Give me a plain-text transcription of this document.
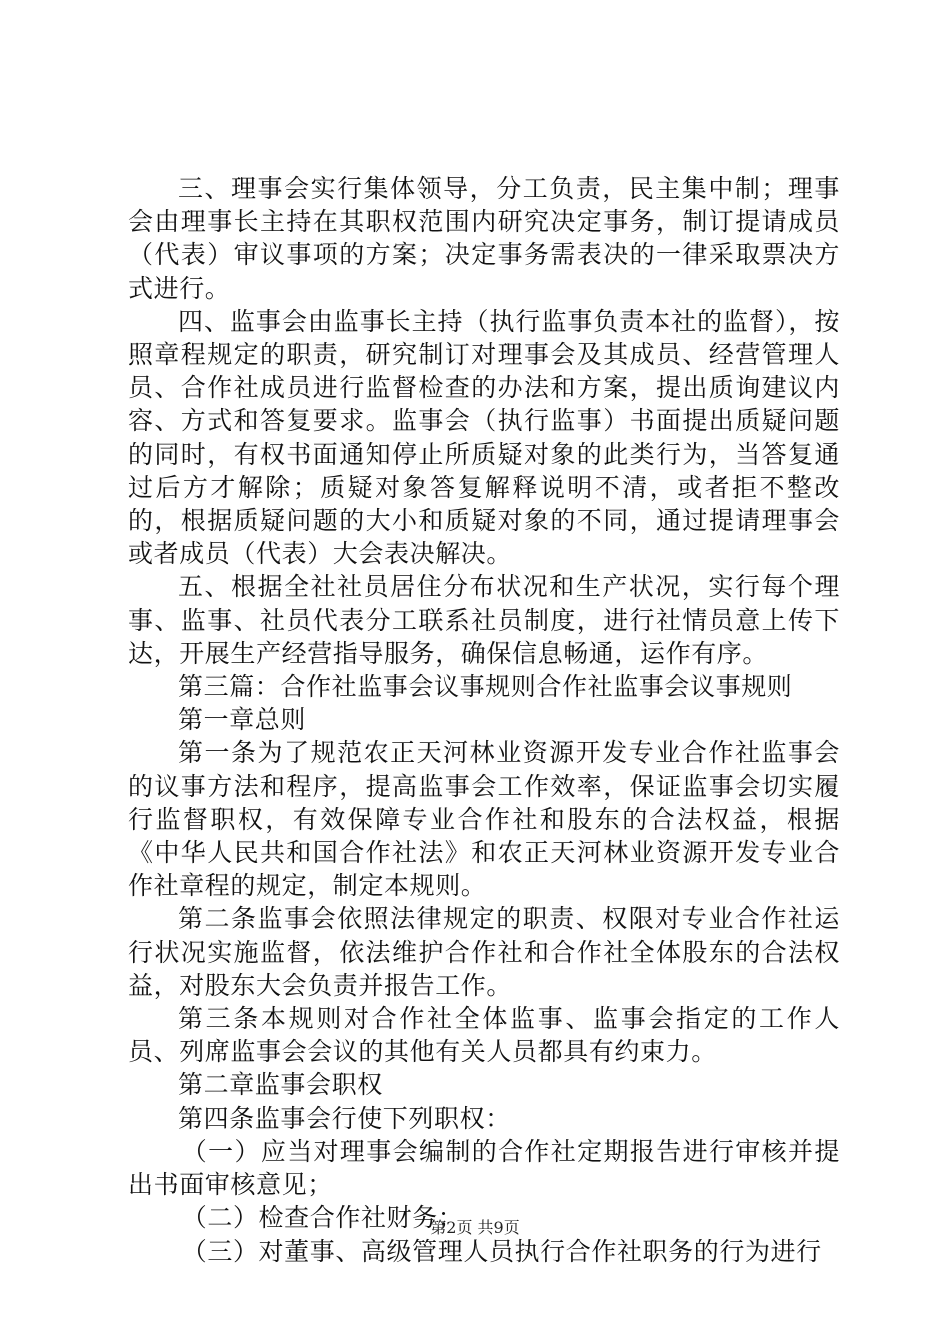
三、理事会实行集体领导，分工负责，民主集中制；理事会由理事长主持在其职权范围内研究决定事务，制订提请成员（代表）审议事项的方案；决定事务需表决的一律采取票决方式进行。

四、监事会由监事长主持（执行监事负责本社的监督），按照章程规定的职责，研究制订对理事会及其成员、经营管理人员、合作社成员进行监督检查的办法和方案，提出质询建议内容、方式和答复要求。监事会（执行监事）书面提出质疑问题的同时，有权书面通知停止所质疑对象的此类行为，当答复通过后方才解除；质疑对象答复解释说明不清，或者拒不整改的，根据质疑问题的大小和质疑对象的不同，通过提请理事会或者成员（代表）大会表决解决。

五、根据全社社员居住分布状况和生产状况，实行每个理事、监事、社员代表分工联系社员制度，进行社情员意上传下达，开展生产经营指导服务，确保信息畅通，运作有序。

第三篇：合作社监事会议事规则合作社监事会议事规则

第一章总则

第一条为了规范农正天河林业资源开发专业合作社监事会的议事方法和程序，提高监事会工作效率，保证监事会切实履行监督职权，有效保障专业合作社和股东的合法权益，根据《中华人民共和国合作社法》和农正天河林业资源开发专业合作社章程的规定，制定本规则。

第二条监事会依照法律规定的职责、权限对专业合作社运行状况实施监督，依法维护合作社和合作社全体股东的合法权益，对股东大会负责并报告工作。

第三条本规则对合作社全体监事、监事会指定的工作人员、列席监事会会议的其他有关人员都具有约束力。

第二章监事会职权

第四条监事会行使下列职权：

（一）应当对理事会编制的合作社定期报告进行审核并提出书面审核意见；

（二）检查合作社财务；

（三）对董事、高级管理人员执行合作社职务的行为进行

第2页 共9页
